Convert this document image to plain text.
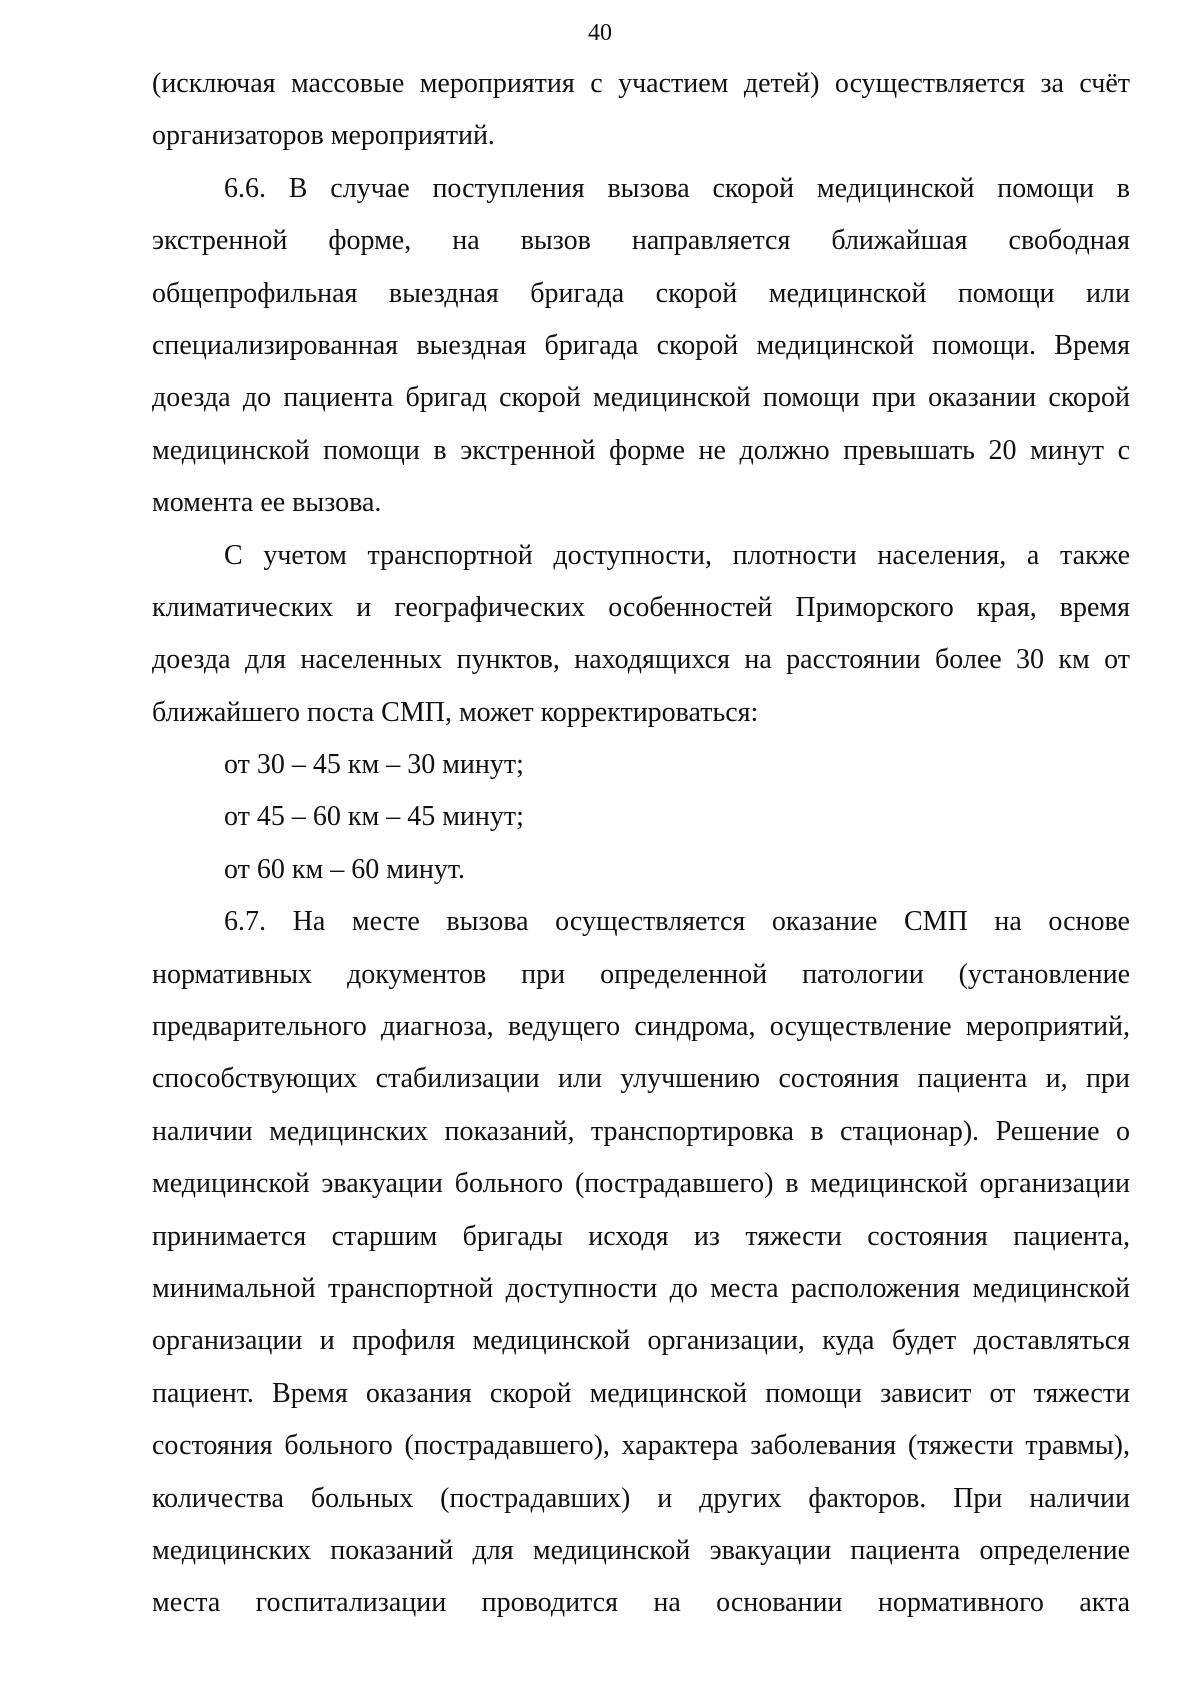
40
(исключая массовые мероприятия с участием детей) осуществляется за счёт
организаторов мероприятий.
6.6. В случае поступления вызова скорой медицинской помощи в
экстренной форме, на вызов направляется ближайшая свободная
общепрофильная выездная бригада скорой медицинской помощи или
специализированная выездная бригада скорой медицинской помощи. Время
доезда до пациента бригад скорой медицинской помощи при оказании скорой
медицинской помощи в экстренной форме не должно превышать 20 минут с
момента ее вызова.
С учетом транспортной доступности, плотности населения, а также
климатических и географических особенностей Приморского края, время
доезда для населенных пунктов, находящихся на расстоянии более 30 км от
ближайшего поста СМП, может корректироваться:
от 30 – 45 км – 30 минут;
от 45 – 60 км – 45 минут;
от 60 км – 60 минут.
6.7. На месте вызова осуществляется оказание СМП на основе
нормативных документов при определенной патологии (установление
предварительного диагноза, ведущего синдрома, осуществление мероприятий,
способствующих стабилизации или улучшению состояния пациента и, при
наличии медицинских показаний, транспортировка в стационар). Решение о
медицинской эвакуации больного (пострадавшего) в медицинской организации
принимается старшим бригады исходя из тяжести состояния пациента,
минимальной транспортной доступности до места расположения медицинской
организации и профиля медицинской организации, куда будет доставляться
пациент. Время оказания скорой медицинской помощи зависит от тяжести
состояния больного (пострадавшего), характера заболевания (тяжести травмы),
количества больных (пострадавших) и других факторов. При наличии
медицинских показаний для медицинской эвакуации пациента определение
места госпитализации проводится на основании нормативного акта
